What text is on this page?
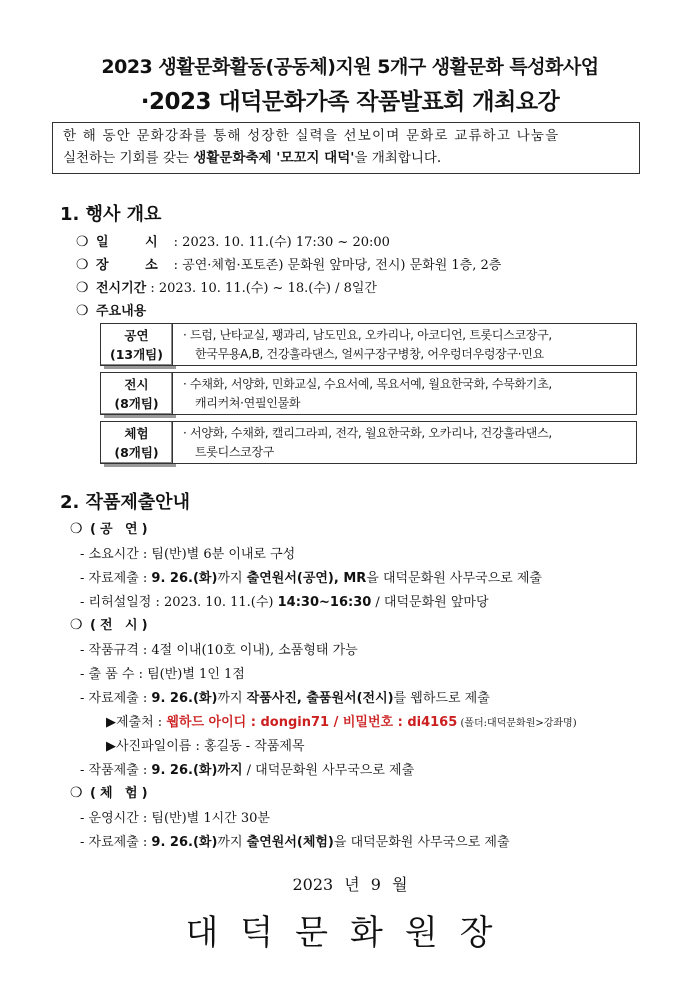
2023 생활문화활동(공동체)지원 5개구 생활문화 특성화사업
·2023 대덕문화가족 작품발표회 개최요강
한 해 동안 문화강좌를 통해 성장한 실력을 선보이며 문화로 교류하고 나눔을
실천하는 기회를 갖는 생활문화축제 '모꼬지 대덕'을 개최합니다.
1. 행사 개요
❍ 일 시: 2023. 10. 11.(수) 17:30 ~ 20:00
❍ 장 소: 공연·체험·포토존) 문화원 앞마당, 전시) 문화원 1층, 2층
❍ 전시기간 : 2023. 10. 11.(수) ~ 18.(수) / 8일간
❍ 주요내용
공연
(13개팀)
· 드럼, 난타교실, 꽹과리, 남도민요, 오카리나, 아코디언, 트롯디스코장구,
한국무용A,B, 건강훌라댄스, 얼씨구장구병창, 어우렁더우렁장구·민요
전시
(8개팀)
· 수채화, 서양화, 민화교실, 수요서예, 목요서예, 월요한국화, 수묵화기초,
캐리커쳐·연필인물화
체험
(8개팀)
· 서양화, 수채화, 캘리그라피, 전각, 월요한국화, 오카리나, 건강훌라댄스,
트롯디스코장구
2. 작품제출안내
❍ (공 연)
- 소요시간 : 팀(반)별 6분 이내로 구성
- 자료제출 : 9. 26.(화)까지 출연원서(공연), MR을 대덕문화원 사무국으로 제출
- 리허설일정 : 2023. 10. 11.(수) 14:30~16:30 / 대덕문화원 앞마당
❍ (전 시)
- 작품규격 : 4절 이내(10호 이내), 소품형태 가능
- 출 품 수 : 팀(반)별 1인 1점
- 자료제출 : 9. 26.(화)까지 작품사진, 출품원서(전시)를 웹하드로 제출
▶제출처 : 웹하드 아이디 : dongin71 / 비밀번호 : di4165 (폴더:대덕문화원>강좌명)
▶사진파일이름 : 홍길동 - 작품제목
- 작품제출 : 9. 26.(화)까지 / 대덕문화원 사무국으로 제출
❍ (체 험)
- 운영시간 : 팀(반)별 1시간 30분
- 자료제출 : 9. 26.(화)까지 출연원서(체험)을 대덕문화원 사무국으로 제출
2023 년 9 월
대덕문화원장
